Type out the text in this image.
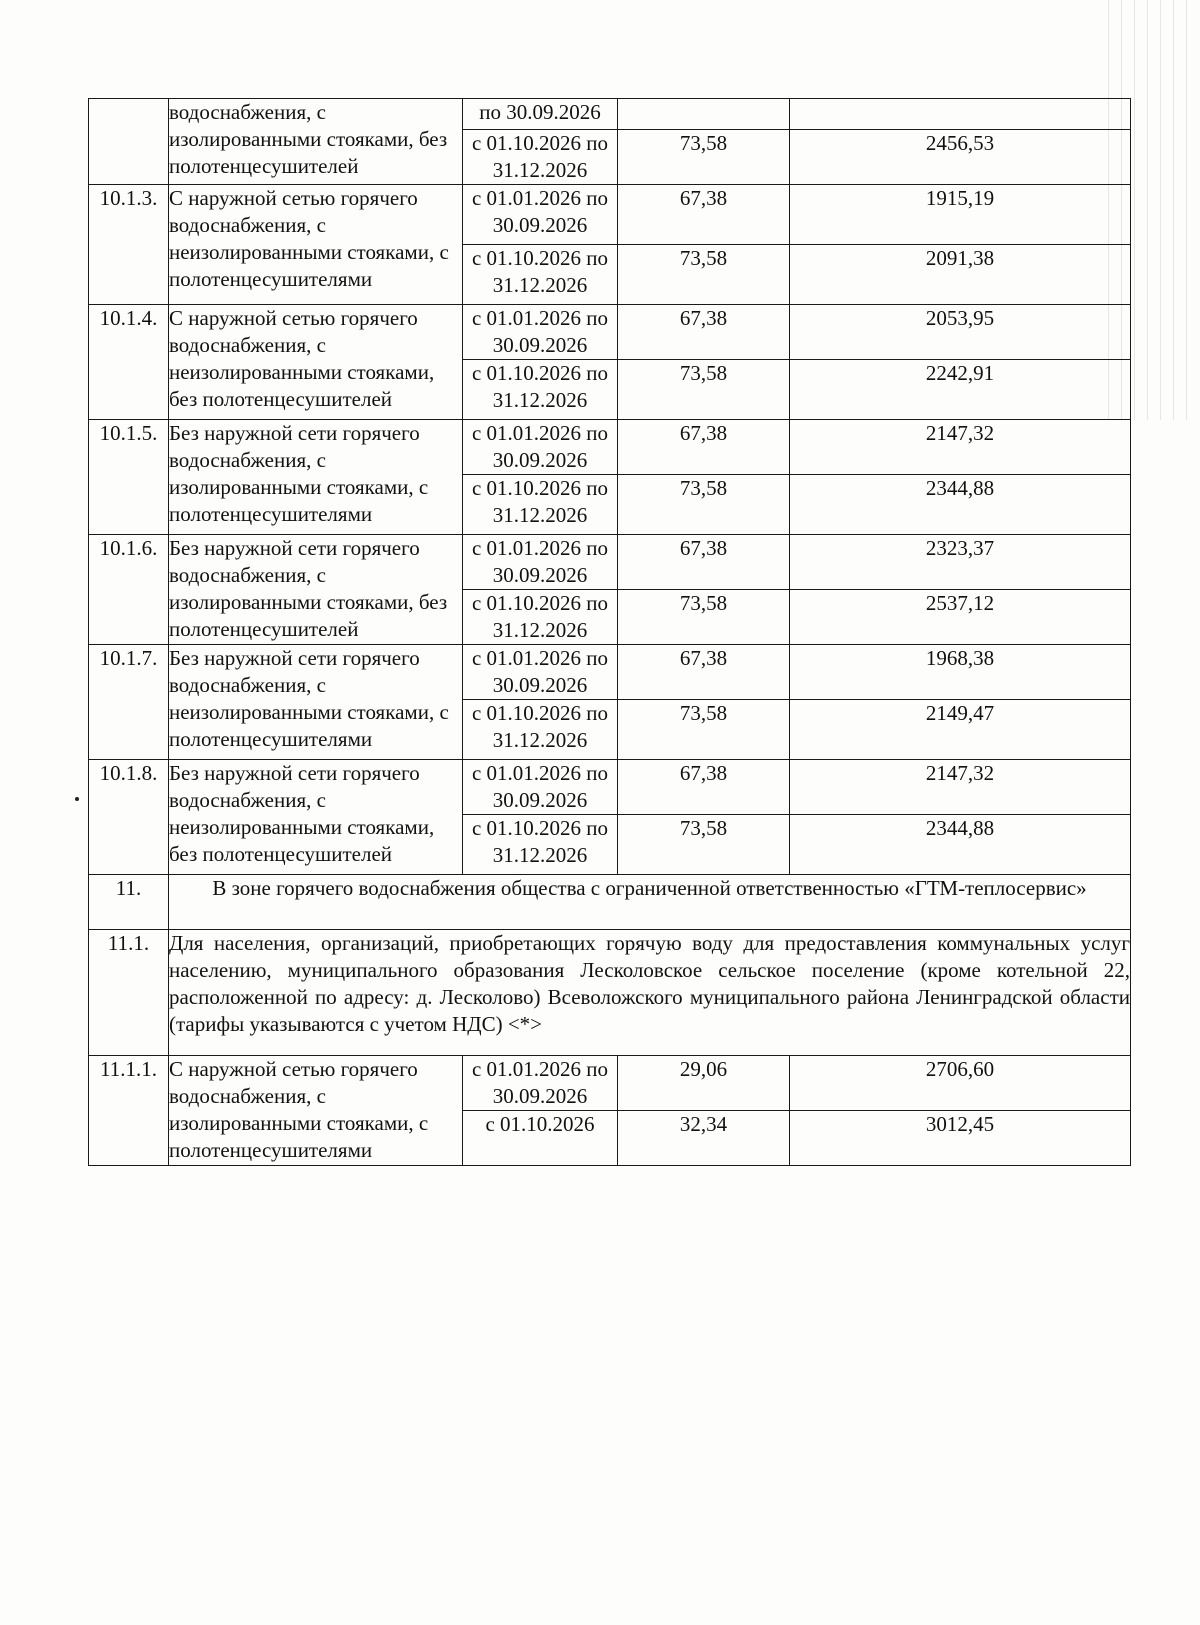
	водоснабжения, с изолированными стояками, без полотенцесушителей	по 30.09.2026		
		с 01.10.2026 по 31.12.2026	73,58	2456,53
10.1.3.	С наружной сетью горячего водоснабжения, с неизолированными стояками, с полотенцесушителями	с 01.01.2026 по 30.09.2026	67,38	1915,19
		с 01.10.2026 по 31.12.2026	73,58	2091,38
10.1.4.	С наружной сетью горячего водоснабжения, с неизолированными стояками, без полотенцесушителей	с 01.01.2026 по 30.09.2026	67,38	2053,95
		с 01.10.2026 по 31.12.2026	73,58	2242,91
10.1.5.	Без наружной сети горячего водоснабжения, с изолированными стояками, с полотенцесушителями	с 01.01.2026 по 30.09.2026	67,38	2147,32
		с 01.10.2026 по 31.12.2026	73,58	2344,88
10.1.6.	Без наружной сети горячего водоснабжения, с изолированными стояками, без полотенцесушителей	с 01.01.2026 по 30.09.2026	67,38	2323,37
		с 01.10.2026 по 31.12.2026	73,58	2537,12
10.1.7.	Без наружной сети горячего водоснабжения, с неизолированными стояками, с полотенцесушителями	с 01.01.2026 по 30.09.2026	67,38	1968,38
		с 01.10.2026 по 31.12.2026	73,58	2149,47
10.1.8.	Без наружной сети горячего водоснабжения, с неизолированными стояками, без полотенцесушителей	с 01.01.2026 по 30.09.2026	67,38	2147,32
		с 01.10.2026 по 31.12.2026	73,58	2344,88
11.	В зоне горячего водоснабжения общества с ограниченной ответственностью «ГТМ-теплосервис»			
11.1.	Для населения, организаций, приобретающих горячую воду для предоставления коммунальных услуг населению, муниципального образования Лесколовское сельское поселение (кроме котельной 22, расположенной по адресу: д. Лесколово) Всеволожского муниципального района Ленинградской области (тарифы указываются с учетом НДС) <*>			
11.1.1.	С наружной сетью горячего водоснабжения, с изолированными стояками, с полотенцесушителями	с 01.01.2026 по 30.09.2026	29,06	2706,60
		с 01.10.2026	32,34	3012,45
